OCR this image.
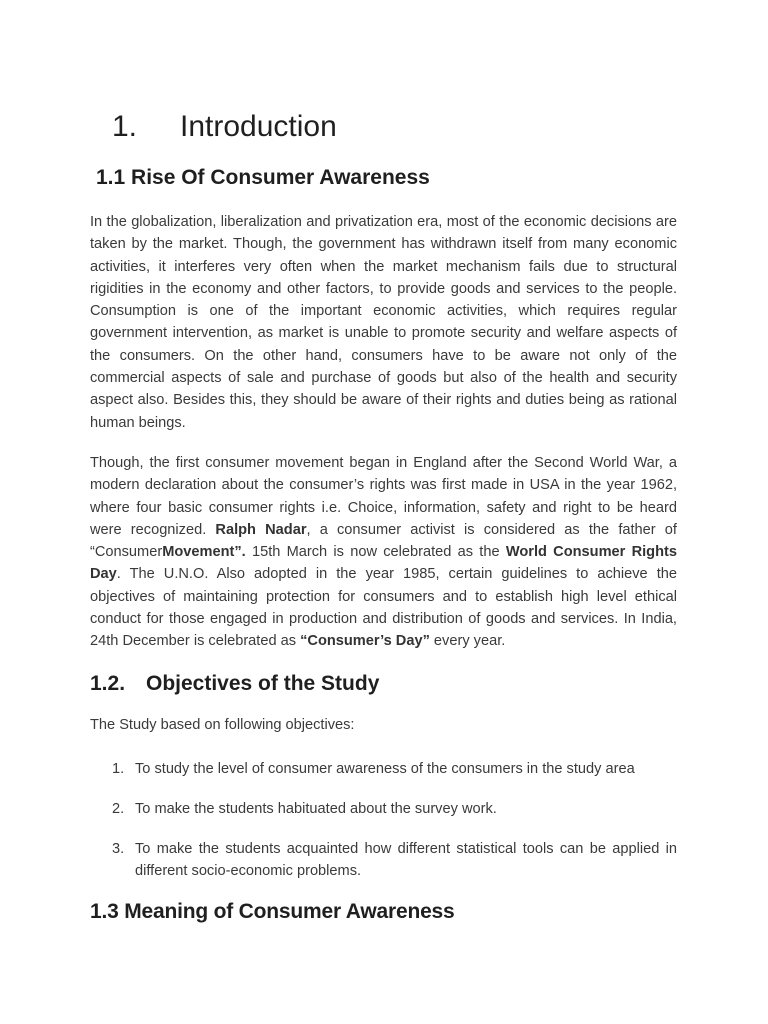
1. Introduction
1.1 Rise Of Consumer Awareness

In the globalization, liberalization and privatization era, most of the economic decisions are taken by the market. Though, the government has withdrawn itself from many economic activities, it interferes very often when the market mechanism fails due to structural rigidities in the economy and other factors, to provide goods and services to the people. Consumption is one of the important economic activities, which requires regular government intervention, as market is unable to promote security and welfare aspects of the consumers. On the other hand, consumers have to be aware not only of the commercial aspects of sale and purchase of goods but also of the health and security aspect also. Besides this, they should be aware of their rights and duties being as rational human beings.

Though, the first consumer movement began in England after the Second World War, a modern declaration about the consumer’s rights was first made in USA in the year 1962, where four basic consumer rights i.e. Choice, information, safety and right to be heard were recognized. Ralph Nadar, a consumer activist is considered as the father of “ConsumerMovement”. 15th March is now celebrated as the World Consumer Rights Day. The U.N.O. Also adopted in the year 1985, certain guidelines to achieve the objectives of maintaining protection for consumers and to establish high level ethical conduct for those engaged in production and distribution of goods and services. In India, 24th December is celebrated as “Consumer’s Day” every year.

1.2. Objectives of the Study

The Study based on following objectives:

1. To study the level of consumer awareness of the consumers in the study area
2. To make the students habituated about the survey work.
3. To make the students acquainted how different statistical tools can be applied in different socio-economic problems.
1.3 Meaning of Consumer Awareness
